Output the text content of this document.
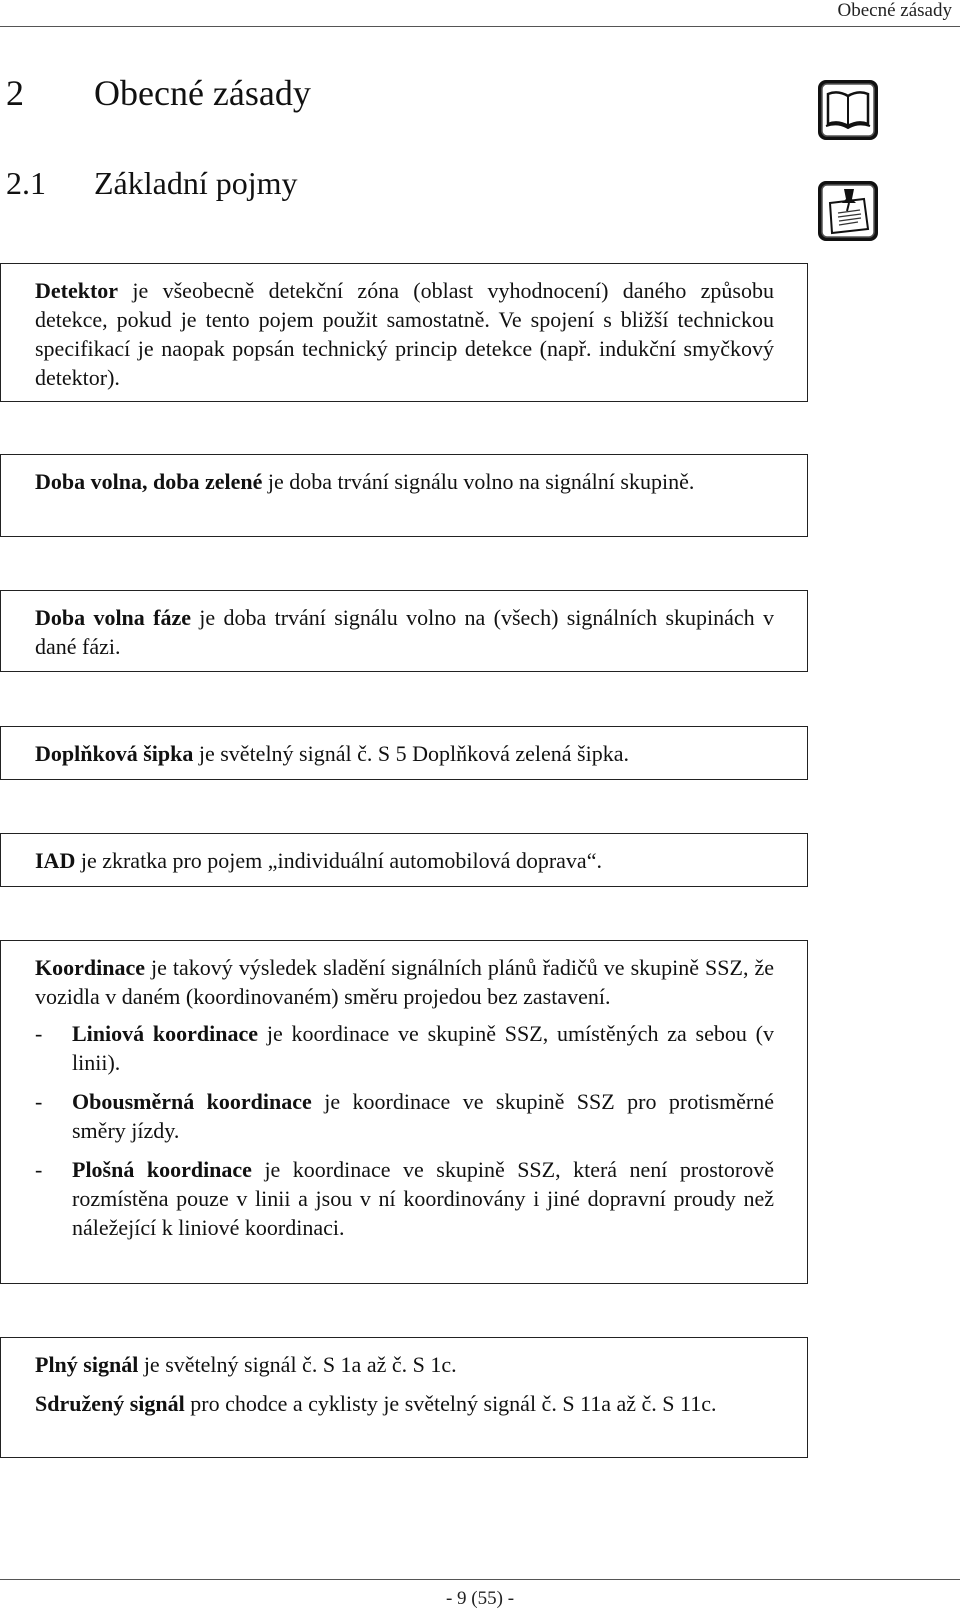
Obecné zásady
2	Obecné zásady
2.1	Základní pojmy

Detektor je všeobecně detekční zóna (oblast vyhodnocení) daného způsobu detekce, pokud je tento pojem použit samostatně. Ve spojení s bližší technickou specifikací je naopak popsán technický princip detekce (např. indukční smyčkový detektor).

Doba volna, doba zelené je doba trvání signálu volno na signální skupině.

Doba volna fáze je doba trvání signálu volno na (všech) signálních skupinách v dané fázi.

Doplňková šipka je světelný signál č. S 5 Doplňková zelená šipka.

IAD je zkratka pro pojem „individuální automobilová doprava“.

Koordinace je takový výsledek sladění signálních plánů řadičů ve skupině SSZ, že vozidla v daném (koordinovaném) směru projedou bez zastavení.

- Liniová koordinace je koordinace ve skupině SSZ, umístěných za sebou (v linii).
- Obousměrná koordinace je koordinace ve skupině SSZ pro protisměrné směry jízdy.
- Plošná koordinace je koordinace ve skupině SSZ, která není prostorově rozmístěna pouze v linii a jsou v ní koordinovány i jiné dopravní proudy než náležející k liniové koordinaci.

Plný signál je světelný signál č. S 1a až č. S 1c.

Sdružený signál pro chodce a cyklisty je světelný signál č. S 11a až č. S 11c.

- 9 (55) -
